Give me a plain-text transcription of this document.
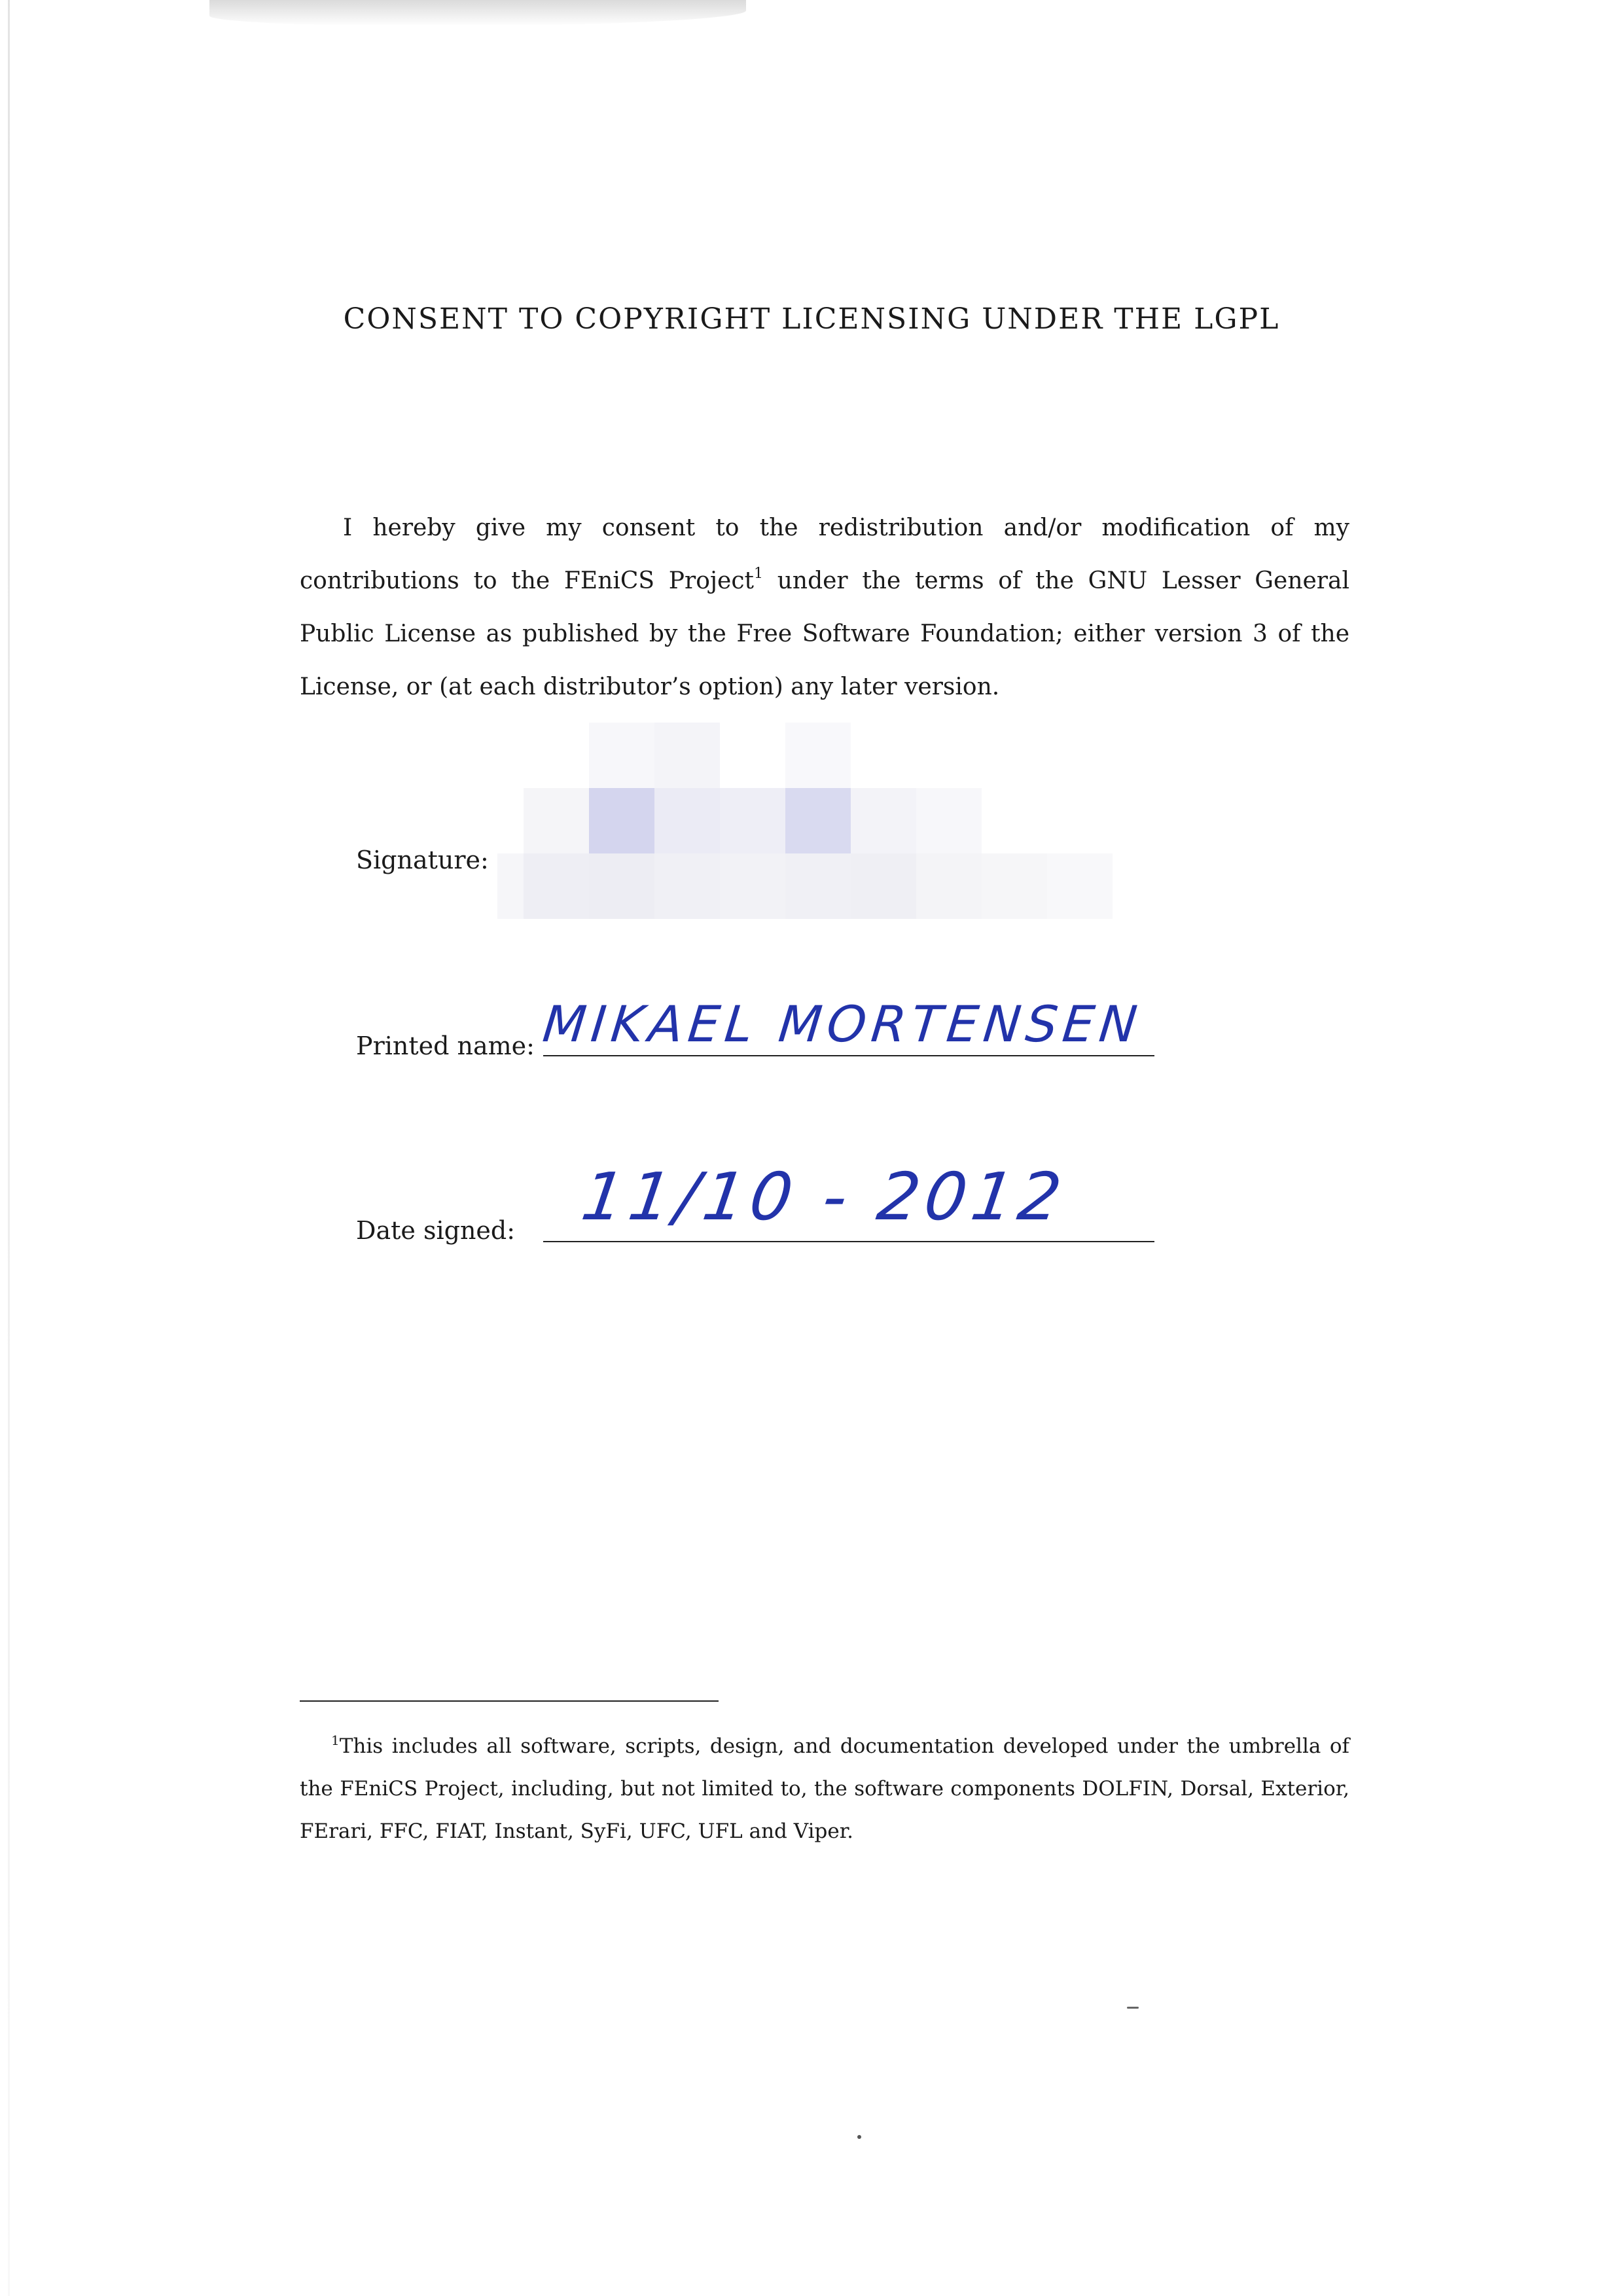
CONSENT TO COPYRIGHT LICENSING UNDER THE LGPL

I hereby give my consent to the redistribution and/or modification of my contributions to the FEniCS Project$^1$ under the terms of the GNU Lesser General Public License as published by the Free Software Foundation; either version 3 of the License, or (at each distributor’s option) any later version.

Signature:
Printed name: MIKAEL MORTENSEN
Date signed: 11/10 - 2012

$^1$This includes all software, scripts, design, and documentation developed under the umbrella of the FEniCS Project, including, but not limited to, the software components DOLFIN, Dorsal, Exterior, FErari, FFC, FIAT, Instant, SyFi, UFC, UFL and Viper.
